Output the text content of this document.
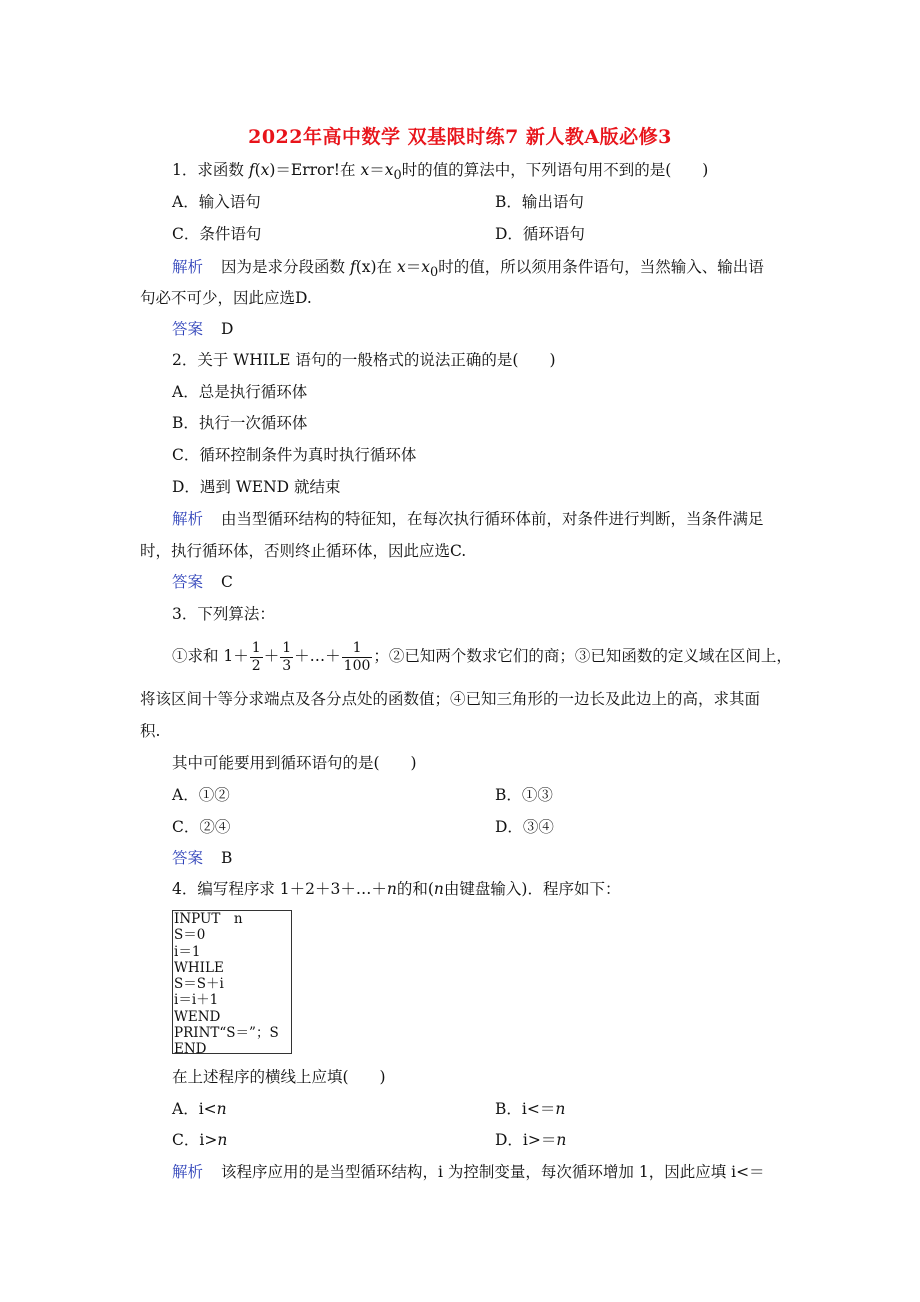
2022年高中数学 双基限时练7 新人教A版必修3
1．求函数 f(x)＝Error!在 $x=x_0$时的值的算法中，下列语句用不到的是(　　)
A．输入语句	B．输出语句
C．条件语句	D．循环语句
解析 因为是求分段函数 f(x)在 $x=x_0$时的值，所以须用条件语句，当然输入、输出语
句必不可少，因此应选D.
答案 D
2．关于 WHILE 语句的一般格式的说法正确的是(　　)
A．总是执行循环体
B．执行一次循环体
C．循环控制条件为真时执行循环体
D．遇到 WEND 就结束
解析 由当型循环结构的特征知，在每次执行循环体前，对条件进行判断，当条件满足
时，执行循环体，否则终止循环体，因此应选C.
答案 C
3．下列算法：
①求和 $1+ \frac{1}{2} + \frac{1}{3}$ ＋…＋ $\frac{1}{100}$ ；②已知两个数求它们的商；③已知函数的定义域在区间上，
将该区间十等分求端点及各分点处的函数值；④已知三角形的一边长及此边上的高，求其面
积.
其中可能要用到循环语句的是(　　)
A．①②	B．①③
C．②④	D．③④
答案 B
4．编写程序求 1＋2＋3＋…＋n的和(n由键盘输入)．程序如下：
INPUT　n
S＝0
i＝1
WHILE
S＝S＋i
i＝i＋1
WEND
PRINT“S＝”；S
END
在上述程序的横线上应填(　　)
A．i<n	B．i<＝n
C．i>n	D．i>＝n
解析 该程序应用的是当型循环结构，i 为控制变量，每次循环增加 1，因此应填 i<＝
